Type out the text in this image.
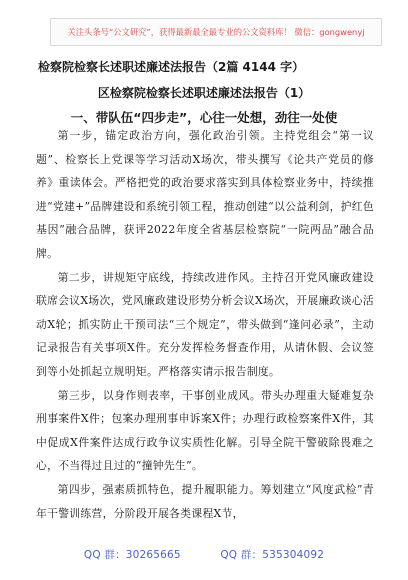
关注头条号“公文研究”，获得最新最全最专业的公文资料库！ 微信：gongwenyj
检察院检察长述职述廉述法报告（2篇 4144 字）
区检察院检察长述职述廉述法报告（1）
一、带队伍“四步走”，心往一处想，劲往一处使

第一步，锚定政治方向，强化政治引领。主持党组会“第一议题”、检察长上党课等学习活动X场次，带头撰写《论共产党员的修养》重读体会。严格把党的政治要求落实到具体检察业务中，持续推进“党建+”品牌建设和系统引领工程，推动创建“以公益利剑，护红色基因”融合品牌，获评2022年度全省基层检察院“一院两品”融合品牌。

第二步，讲规矩守底线，持续改进作风。主持召开党风廉政建设联席会议X场次，党风廉政建设形势分析会议X场次，开展廉政谈心活动X轮；抓实防止干预司法“三个规定”，带头做到“逢问必录”，主动记录报告有关事项X件。充分发挥检务督查作用，从请休假、会议签到等小处抓起立规明矩。严格落实请示报告制度。

第三步，以身作则表率，干事创业成风。带头办理重大疑难复杂刑事案件X件；包案办理刑事申诉案X件；办理行政检察案件X件，其中促成X件案件达成行政争议实质性化解。引导全院干警破除畏难之心，不当得过且过的“撞钟先生”。

第四步，强素质抓特色，提升履职能力。筹划建立“风度武检”青年干警训练营，分阶段开展各类课程X节，

QQ 群：30265665	QQ 群：535304092
